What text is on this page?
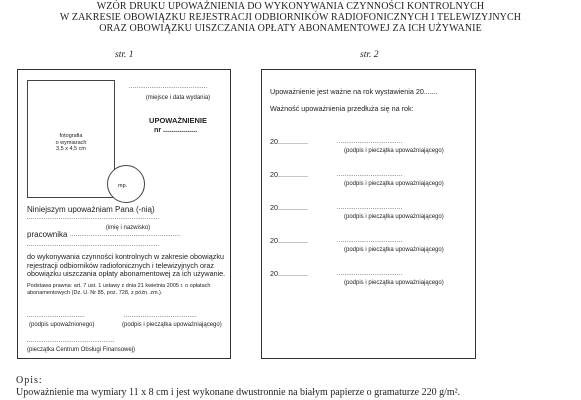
WZÓR DRUKU UPOWAŻNIENIA DO WYKONYWANIA CZYNNOŚCI KONTROLNYCH
W ZAKRESIE OBOWIĄZKU REJESTRACJI ODBIORNIKÓW RADIOFONICZNYCH I TELEWIZYJNYCH
ORAZ OBOWIĄZKU UISZCZANIA OPŁATY ABONAMENTOWEJ ZA ICH UŻYWANIE
str. 1	str. 2
fotografia
o wymiarach
3,5 x 4,5 cm
mp.
..........................................
(miejsce i data wydania)
UPOWAŻNIENIE
nr .................
Niniejszym upoważniam Pana (-nią)
.......................................................................
(imię i nazwisko)
pracownika ...........................................................
.......................................................................
do wykonywania czynności kontrolnych w zakresie obowiązku
rejestracji odbiorników radiofonicznych i telewizyjnych oraz
obowiązku uiszczania opłaty abonamentowej za ich używanie.
Podstawa prawna: art. 7 ust. 1 ustawy z dnia 21 kwietnia 2005 r. o opłatach
abonamentowych (Dz. U. Nr 85, poz. 728, z późn. zm.).
...............................
(podpis upoważnionego)
.......................................
(podpis i pieczątka upoważniającego)
...............................................
(pieczątka Centrum Obsługi Finansowej)
Upoważnienie jest ważne na rok wystawienia 20.......
Ważność upoważnienia przedłuża się na rok:
20...............	...................................
(podpis i pieczątka upoważniającego)
20...............	...................................
(podpis i pieczątka upoważniającego)
20...............	...................................
(podpis i pieczątka upoważniającego)
20...............	...................................
(podpis i pieczątka upoważniającego)
20...............	...................................
(podpis i pieczątka upoważniającego)
Opis:
Upoważnienie ma wymiary 11 x 8 cm i jest wykonane dwustronnie na białym papierze o gramaturze 220 g/m².
